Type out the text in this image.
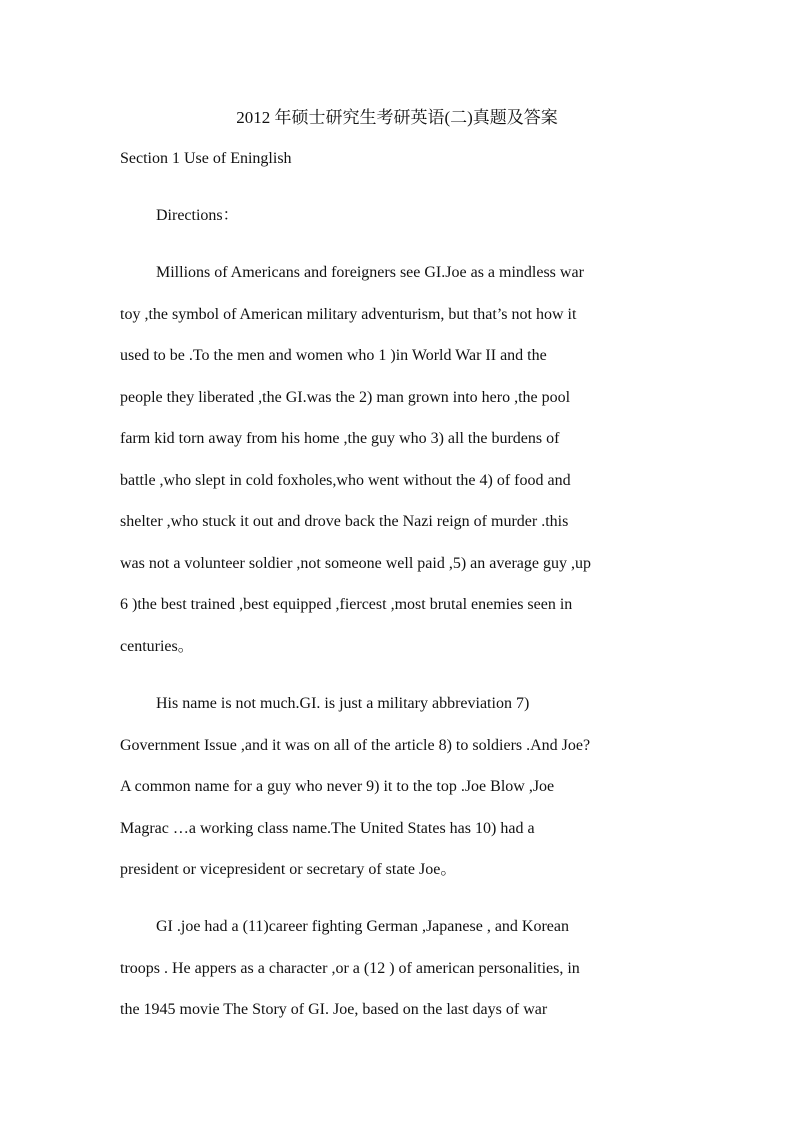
2012 年硕士研究生考研英语(二)真题及答案
Section 1 Use of Eninglish
Directions：
Millions of Americans and foreigners see GI.Joe as a mindless war
toy ,the symbol of American military adventurism, but that’s not how it
used to be .To the men and women who 1 )in World War II and the
people they liberated ,the GI.was the 2) man grown into hero ,the pool
farm kid torn away from his home ,the guy who 3) all the burdens of
battle ,who slept in cold foxholes,who went without the 4) of food and
shelter ,who stuck it out and drove back the Nazi reign of murder .this
was not a volunteer soldier ,not someone well paid ,5) an average guy ,up
6 )the best trained ,best equipped ,fiercest ,most brutal enemies seen in
centuries。
His name is not much.GI. is just a military abbreviation 7)
Government Issue ,and it was on all of the article 8) to soldiers .And Joe?
A common name for a guy who never 9) it to the top .Joe Blow ,Joe
Magrac …a working class name.The United States has 10) had a
president or vicepresident or secretary of state Joe。
GI .joe had a (11)career fighting German ,Japanese , and Korean
troops . He appers as a character ,or a (12 ) of american personalities, in
the 1945 movie The Story of GI. Joe, based on the last days of war
